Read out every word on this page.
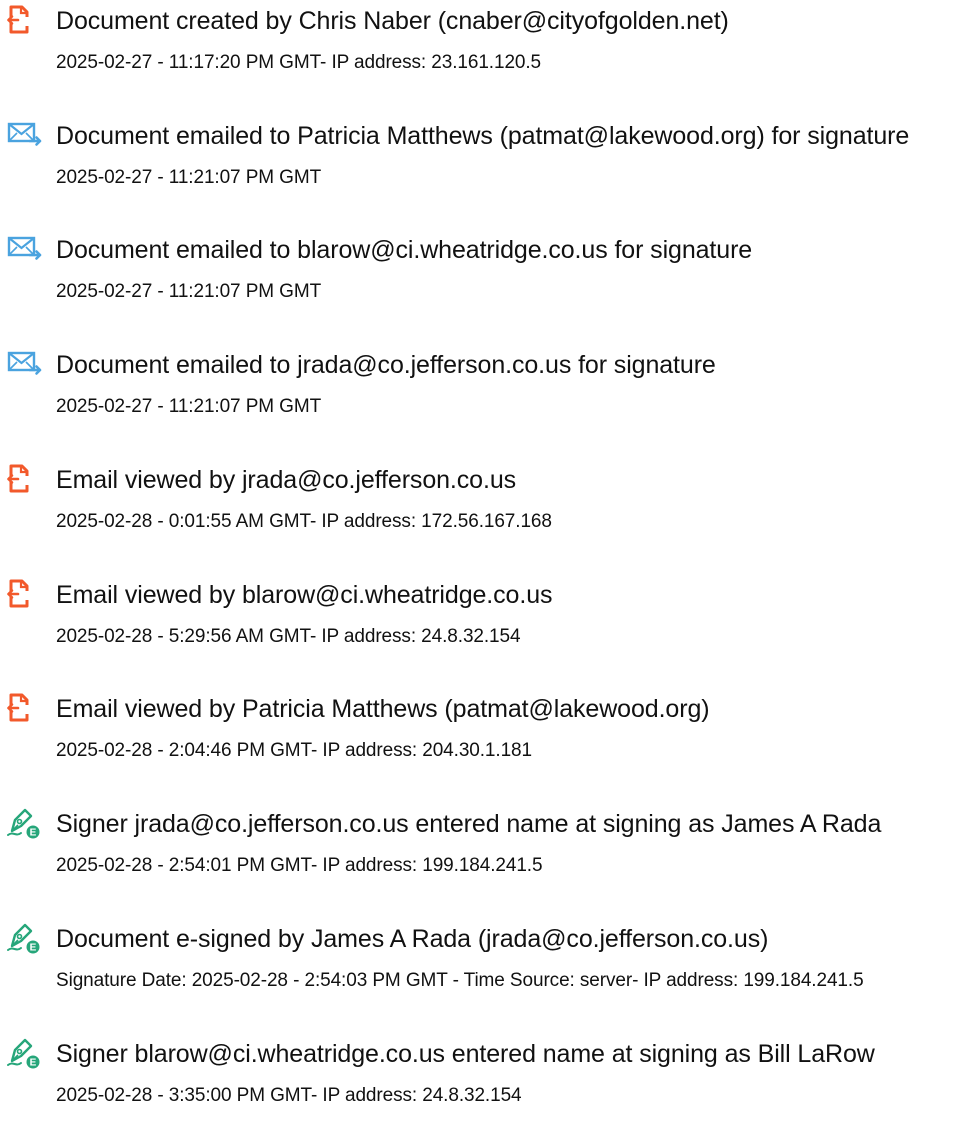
Document created by Chris Naber (cnaber@cityofgolden.net)
2025-02-27 - 11:17:20 PM GMT- IP address: 23.161.120.5
Document emailed to Patricia Matthews (patmat@lakewood.org) for signature
2025-02-27 - 11:21:07 PM GMT
Document emailed to blarow@ci.wheatridge.co.us for signature
2025-02-27 - 11:21:07 PM GMT
Document emailed to jrada@co.jefferson.co.us for signature
2025-02-27 - 11:21:07 PM GMT
Email viewed by jrada@co.jefferson.co.us
2025-02-28 - 0:01:55 AM GMT- IP address: 172.56.167.168
Email viewed by blarow@ci.wheatridge.co.us
2025-02-28 - 5:29:56 AM GMT- IP address: 24.8.32.154
Email viewed by Patricia Matthews (patmat@lakewood.org)
2025-02-28 - 2:04:46 PM GMT- IP address: 204.30.1.181
E Signer jrada@co.jefferson.co.us entered name at signing as James A Rada
2025-02-28 - 2:54:01 PM GMT- IP address: 199.184.241.5
E Document e-signed by James A Rada (jrada@co.jefferson.co.us)
Signature Date: 2025-02-28 - 2:54:03 PM GMT - Time Source: server- IP address: 199.184.241.5
E Signer blarow@ci.wheatridge.co.us entered name at signing as Bill LaRow
2025-02-28 - 3:35:00 PM GMT- IP address: 24.8.32.154
